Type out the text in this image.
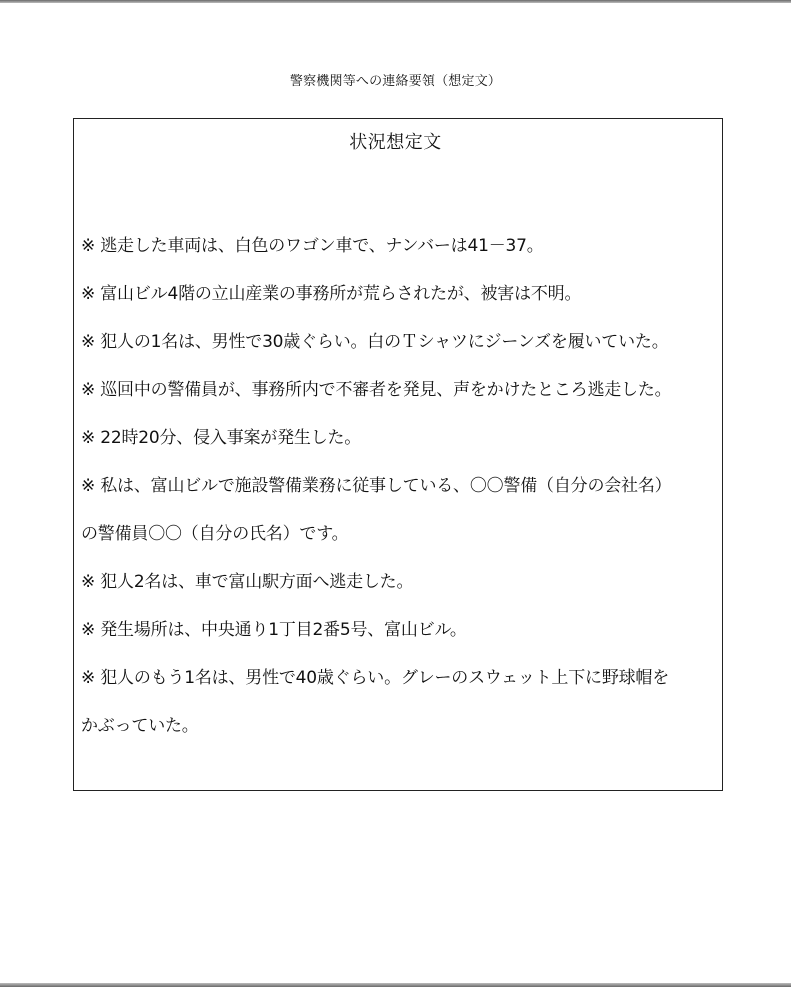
警察機関等への連絡要領（想定文）
状況想定文
※ 逃走した車両は、白色のワゴン車で、ナンバーは41－37。
※ 富山ビル4階の立山産業の事務所が荒らされたが、被害は不明。
※ 犯人の1名は、男性で30歳ぐらい。白のＴシャツにジーンズを履いていた。
※ 巡回中の警備員が、事務所内で不審者を発見、声をかけたところ逃走した。
※ 22時20分、侵入事案が発生した。
※ 私は、富山ビルで施設警備業務に従事している、〇〇警備（自分の会社名）
の警備員〇〇（自分の氏名）です。
※ 犯人2名は、車で富山駅方面へ逃走した。
※ 発生場所は、中央通り1丁目2番5号、富山ビル。
※ 犯人のもう1名は、男性で40歳ぐらい。グレーのスウェット上下に野球帽を
かぶっていた。
